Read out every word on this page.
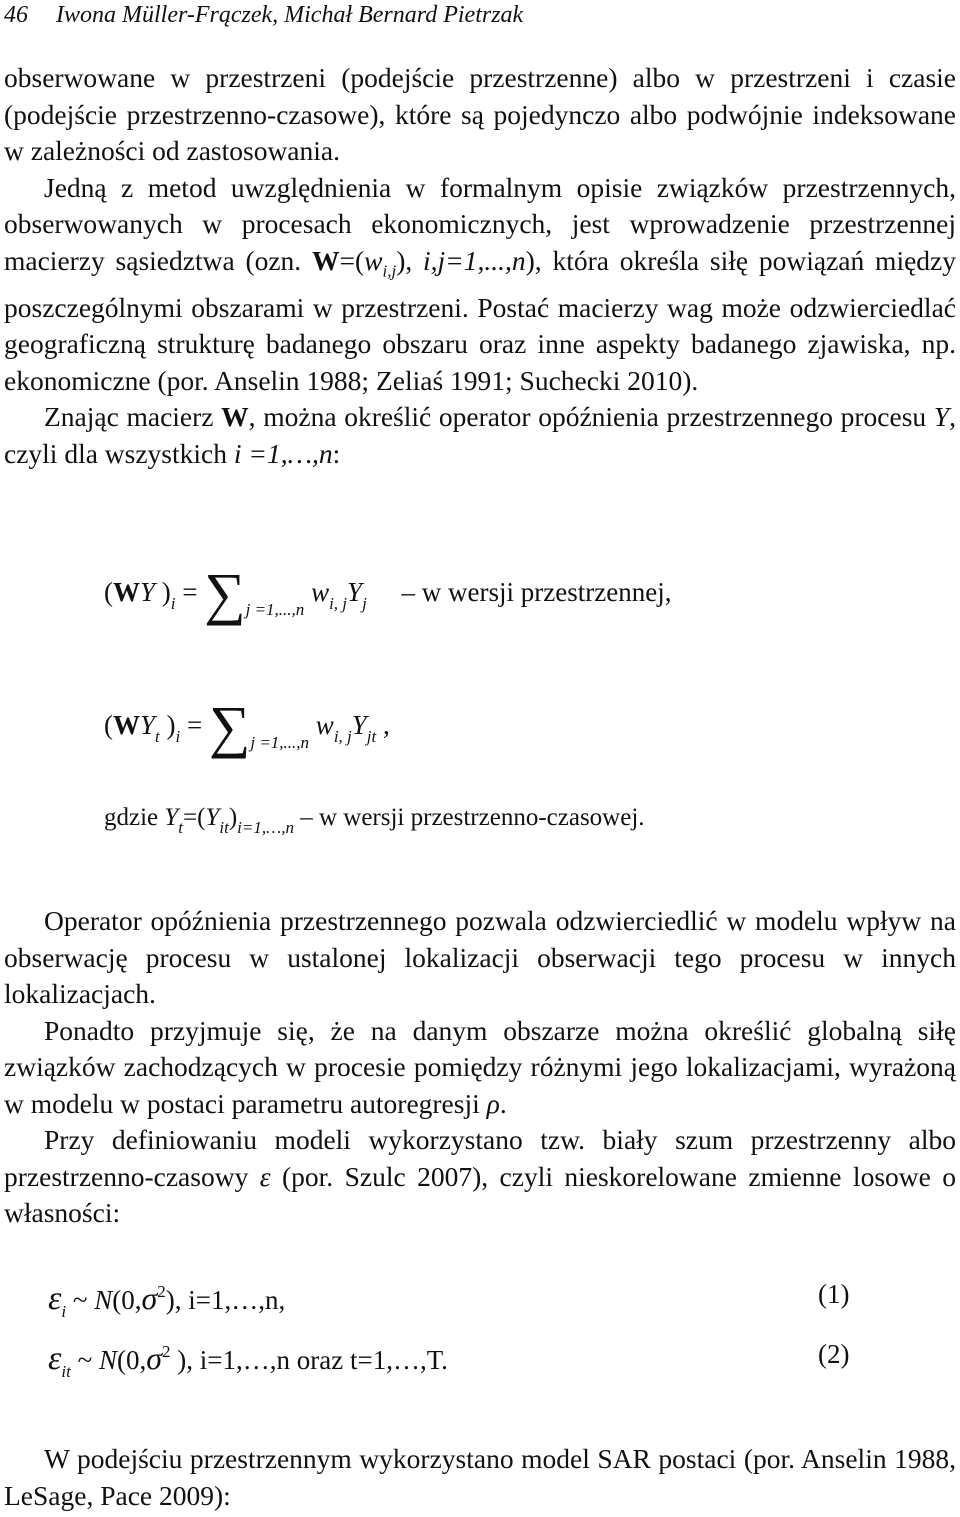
46 Iwona Müller-Frączek, Michał Bernard Pietrzak

obserwowane w przestrzeni (podejście przestrzenne) albo w przestrzeni i czasie (podejście przestrzenno-czasowe), które są pojedynczo albo podwójnie indeksowane w zależności od zastosowania.

Jedną z metod uwzględnienia w formalnym opisie związków przestrzennych, obserwowanych w procesach ekonomicznych, jest wprowadzenie przestrzennej macierzy sąsiedztwa (ozn. $W=(w_{i,j})$, i,j=1,...,n), która określa siłę powiązań między poszczególnymi obszarami w przestrzeni. Postać macierzy wag może odzwierciedlać geograficzną strukturę badanego obszaru oraz inne aspekty badanego zjawiska, np. ekonomiczne (por. Anselin 1988; Zeliaś 1991; Suchecki 2010).

Znając macierz W, można określić operator opóźnienia przestrzennego procesu Y, czyli dla wszystkich i =1,…,n:

(WY )$_i = \sum_{j =1,...,n}$ $w_{i, j}Y_j$ – w wersji przestrzennej,
($WY_t$ )$_i = \sum_{j =1,...,n}$ $w_{i, j}Y_{jt}$ ,
gdzie $Y_t=(Y_{it})_{i=1,\dots,n} - w$ wersji przestrzenno-czasowej.

Operator opóźnienia przestrzennego pozwala odzwierciedlić w modelu wpływ na obserwację procesu w ustalonej lokalizacji obserwacji tego procesu w innych lokalizacjach.

Ponadto przyjmuje się, że na danym obszarze można określić globalną siłę związków zachodzących w procesie pomiędzy różnymi jego lokalizacjami, wyrażoną w modelu w postaci parametru autoregresji ρ.

Przy definiowaniu modeli wykorzystano tzw. biały szum przestrzenny albo przestrzenno-czasowy ε (por. Szulc 2007), czyli nieskorelowane zmienne losowe o własności:

$\varepsilon_i$ ~ $N(0,\sigma^2)$, i=1,…,n,	(1)
$\varepsilon_{it}$ ~ $N(0,\sigma^2$ ), i=1,…,n oraz t=1,…,T.	(2)

W podejściu przestrzennym wykorzystano model SAR postaci (por. Anselin 1988, LeSage, Pace 2009):
